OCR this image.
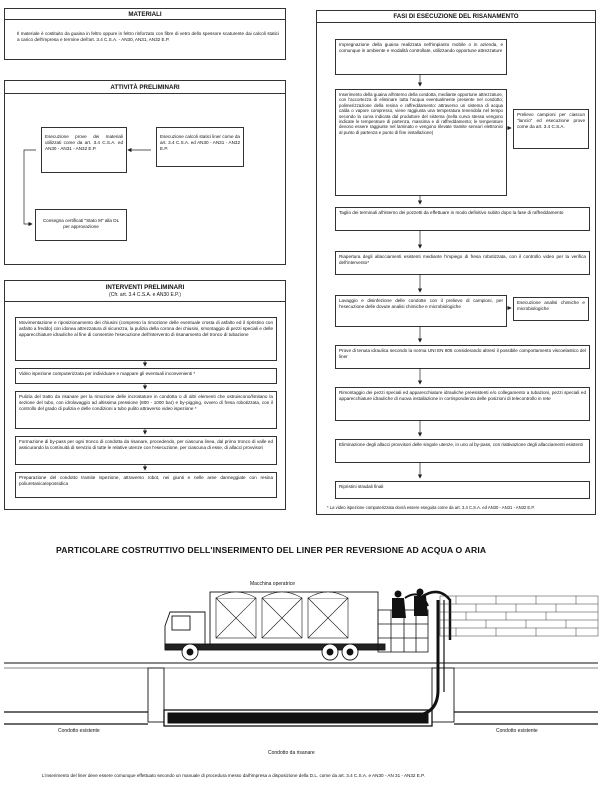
MATERIALI
Il materiale è costituito da guaina in feltro oppure in feltro rinforzato con fibre di vetro dello spessore scaturente dai calcoli statici a carico dell'impresa e termine dell'art. 3.4 C.S.A. - AN30, AN31, AN32 E.P.
ATTIVITÀ PRELIMINARI
Esecuzione prove dei materiali utilizzati come da art. 3.4 C.S.A. ed AN30 - AN31 - AN32 E.P.
Esecuzione calcoli statici liner come da art. 3.4 C.S.A. ed AN30 - AN31 - AN32 E.P.
Consegna certificati "Stato M" alla DL per approvazione
INTERVENTI PRELIMINARI
(Cfr. art. 3.4 C.S.A. e AN30 E.P.)
Movimentazione e riposizionamento dei chiusini (compreso la rimozione delle eventuale crosta di asfalto ed il ripristino con asfalto a freddo) con idonea attrezzatura di sicurezza, la pulizia della corona dei chiusini, smontaggio di pezzi speciali e delle apparecchiature idrauliche al fine di consentire l'esecuzione dell'intervento di risanamento del tronco di tubazione
Video ispezione computerizzata per individuare e mappare gli eventuali inconvenienti *
Pulizia del tratto da risanare per la rimozione delle incrostature in condotta o di altri elementi che ostruiscono/limitano la sezione del tubo, con idrolavaggio ad altissima pressione (800 - 1000 bar) e by-pigging, ovvero di fresa robotizzata, con il controllo del grado di pulizia e delle condizioni a tubo pulito attraverso video ispezione *
Formazione di by-pass per ogni tronco di condotta da risanare, procedendo, per ciascuna linea, dal primo tronco di valle ed assicurando la continuità di servizio di tutte le relative utenze con l'esecuzione, per ciascuna di esse, di allacci provvisori
Preparazione del condotto tramite ispezione, attraverso robot, nei giunti e nelle aree danneggiate con resina poliuretanica/epossidica
FASI DI ESECUZIONE DEL RISANAMENTO
Impregnazione della guaina realizzata nell'impianto mobile o in azienda, e comunque in ambiente e modalità controllate, utilizzando opportune attrezzature
Inserimento della guaina all'interno della condotta, mediante opportune attrezzature, con l'accortezza di eliminare tutta l'acqua eventualmente presente nel condotto; polimerizzazione della resina e raffreddamento: attraverso un sistema di acqua calda o vapore compresso, viene raggiunta una temperatura tenendola nel tempo secondo la curva indicata dal produttore del sistema (nella curva stessa vengono indicate le temperature di partenza, massima e di raffreddamento; le temperature devono essere raggiunte nel laminato e vengono rilevate tramite sensori elettronici al punto di partenza e punto di fine installazione)
Prelievo campioni per ciascun "lancio" ed esecuzione prove come da art. 3.4 C.S.A.
Taglio dei terminali all'interno dei pozzetti da effettuare in modo definitivo subito dopo la fase di raffreddamento
Riapertura degli allacciamenti esistenti mediante l'impiego di fresa robotizzata, con il controllo video per la verifica dell'intervento*
Lavaggio e disinfezione delle condotte con il prelievo di campioni, per l'esecuzione delle dovute analisi chimiche e microbiologiche
Esecuzione analisi chimiche e microbiologiche
Prove di tenuta idraulica secondo la norma UNI EN 805 considerando altresì il possibile comportamento viscoelastico del liner
Rimontaggio dei pezzi speciali ed apparecchiature idrauliche preesistenti e/o collegamento a tubazioni, pezzi speciali ed apparecchiature idrauliche di nuova installazione in corrispondenza delle posizioni di telecontrollo in rete
Eliminazione degli allacci provvisori delle singole utenze, in uno al by-pass, con riattivazione degli allacciamenti esistenti
Ripristini stradali finali
* La video ispezione computerizzata dovrà essere eseguita come da art. 3.4 C.S.A. ed AN30 - AN31 - AN32 E.P.
PARTICOLARE COSTRUTTIVO DELL'INSERIMENTO DEL LINER PER REVERSIONE AD ACQUA O ARIA
Macchina operatrice
Condotto esistente	Condotto esistente
Condotto da risanare
L'inserimento del liner deve essere comunque effettuato secondo un manuale di procedura messo dall'impresa a disposizione della D.L. come da art. 3.4 C.S.A. e AN30 - AN 31 - AN32 E.P.
